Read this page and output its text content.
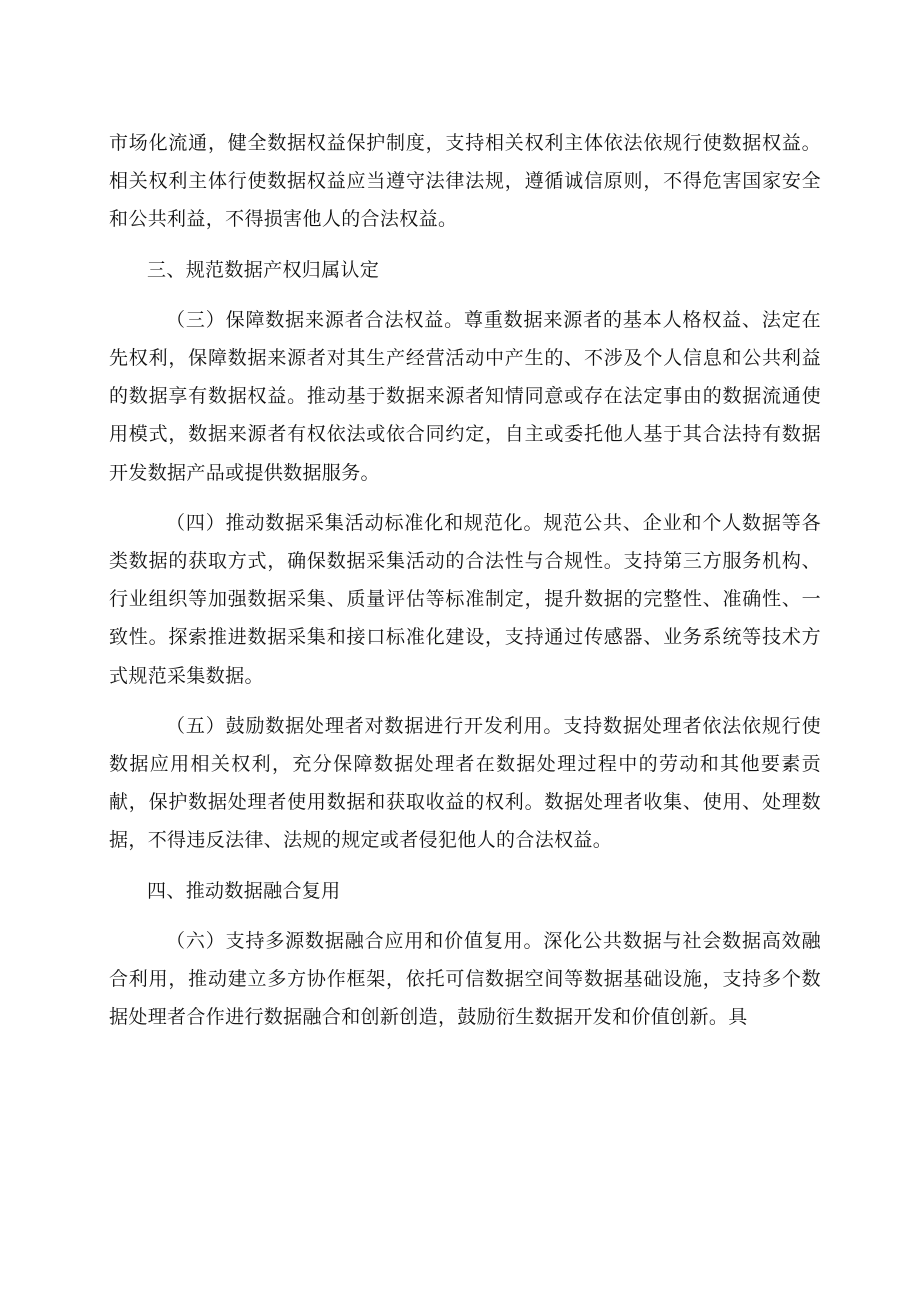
市场化流通，健全数据权益保护制度，支持相关权利主体依法依规行使数据权益。相关权利主体行使数据权益应当遵守法律法规，遵循诚信原则，不得危害国家安全和公共利益，不得损害他人的合法权益。

三、规范数据产权归属认定

（三）保障数据来源者合法权益。尊重数据来源者的基本人格权益、法定在先权利，保障数据来源者对其生产经营活动中产生的、不涉及个人信息和公共利益的数据享有数据权益。推动基于数据来源者知情同意或存在法定事由的数据流通使用模式，数据来源者有权依法或依合同约定，自主或委托他人基于其合法持有数据开发数据产品或提供数据服务。

（四）推动数据采集活动标准化和规范化。规范公共、企业和个人数据等各类数据的获取方式，确保数据采集活动的合法性与合规性。支持第三方服务机构、行业组织等加强数据采集、质量评估等标准制定，提升数据的完整性、准确性、一致性。探索推进数据采集和接口标准化建设，支持通过传感器、业务系统等技术方式规范采集数据。

（五）鼓励数据处理者对数据进行开发利用。支持数据处理者依法依规行使数据应用相关权利，充分保障数据处理者在数据处理过程中的劳动和其他要素贡献，保护数据处理者使用数据和获取收益的权利。数据处理者收集、使用、处理数据，不得违反法律、法规的规定或者侵犯他人的合法权益。

四、推动数据融合复用

（六）支持多源数据融合应用和价值复用。深化公共数据与社会数据高效融合利用，推动建立多方协作框架，依托可信数据空间等数据基础设施，支持多个数据处理者合作进行数据融合和创新创造，鼓励衍生数据开发和价值创新。具
